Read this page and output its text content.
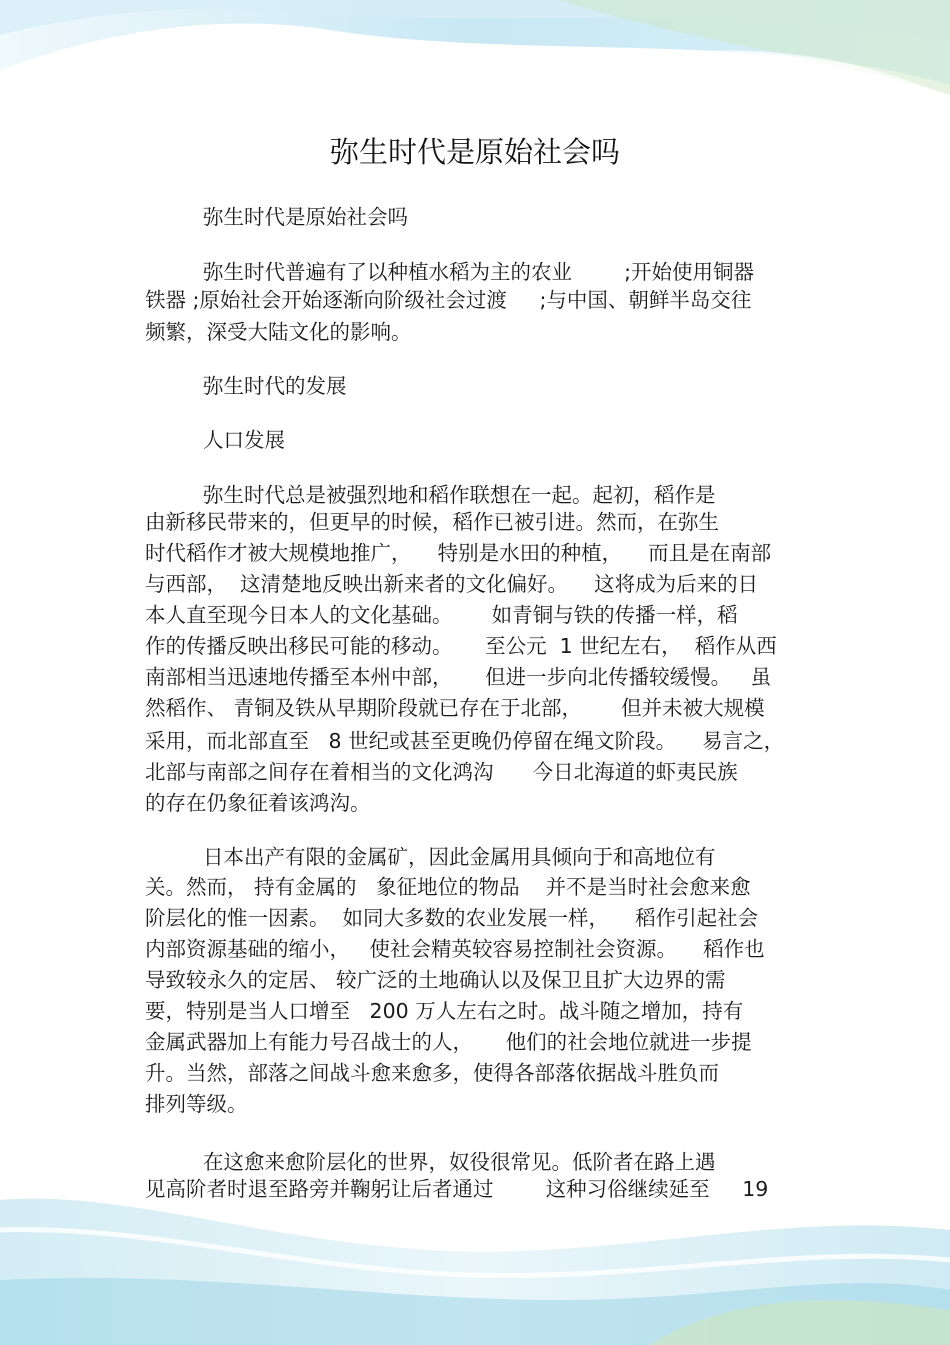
弥生时代是原始社会吗
弥生时代是原始社会吗
弥生时代普遍有了以种植水稻为主的农业        ;开始使用铜器
铁器 ;原始社会开始逐渐向阶级社会过渡     ;与中国、朝鲜半岛交往
频繁，深受大陆文化的影响。
弥生时代的发展
人口发展
弥生时代总是被强烈地和稻作联想在一起。起初，稻作是
由新移民带来的，但更早的时候，稻作已被引进。然而，在弥生
时代稻作才被大规模地推广，    特别是水田的种植，    而且是在南部
与西部，  这清楚地反映出新来者的文化偏好。    这将成为后来的日
本人直至现今日本人的文化基础。      如青铜与铁的传播一样，稻
作的传播反映出移民可能的移动。     至公元  1 世纪左右，  稻作从西
南部相当迅速地传播至本州中部，     但进一步向北传播较缓慢。   虽
然稻作、 青铜及铁从早期阶段就已存在于北部，      但并未被大规模
采用，而北部直至   8 世纪或甚至更晚仍停留在绳文阶段。    易言之，
北部与南部之间存在着相当的文化鸿沟      今日北海道的虾夷民族
的存在仍象征着该鸿沟。
日本出产有限的金属矿，因此金属用具倾向于和高地位有
关。然而， 持有金属的   象征地位的物品    并不是当时社会愈来愈
阶层化的惟一因素。  如同大多数的农业发展一样，    稻作引起社会
内部资源基础的缩小，   使社会精英较容易控制社会资源。    稻作也
导致较永久的定居、 较广泛的土地确认以及保卫且扩大边界的需
要，特别是当人口增至   200 万人左右之时。战斗随之增加，持有
金属武器加上有能力号召战士的人，     他们的社会地位就进一步提
升。当然，部落之间战斗愈来愈多，使得各部落依据战斗胜负而
排列等级。
在这愈来愈阶层化的世界，奴役很常见。低阶者在路上遇
见高阶者时退至路旁并鞠躬让后者通过        这种习俗继续延至     19
